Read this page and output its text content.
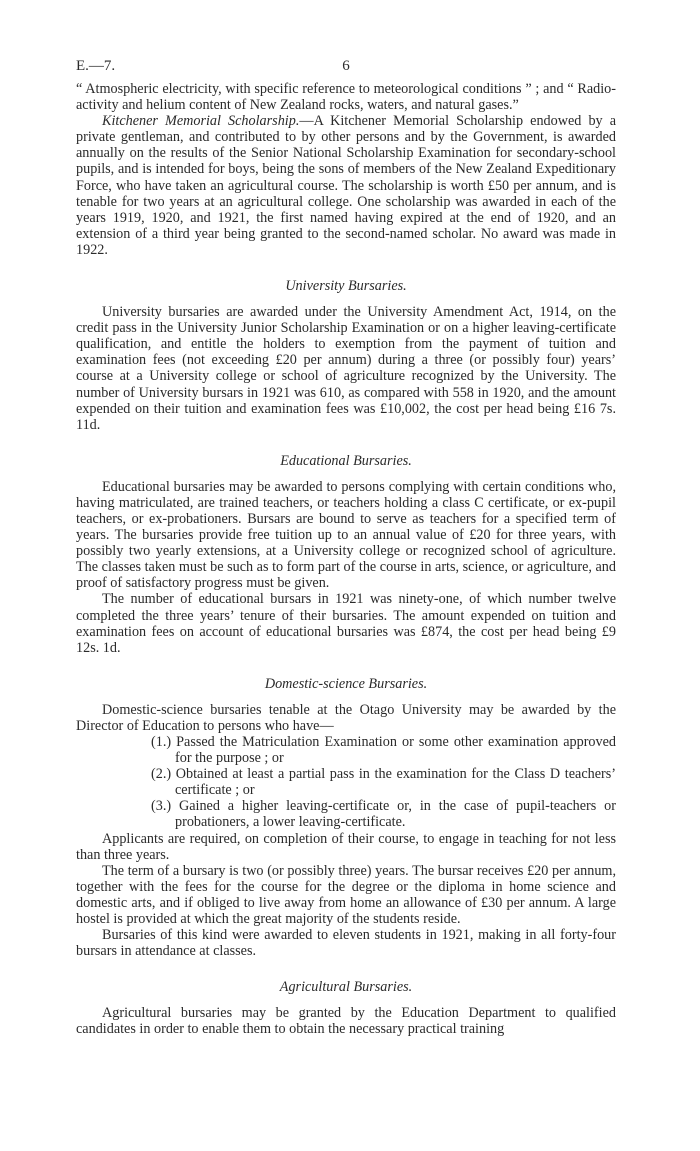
E.—7.	6

“ Atmospheric electricity, with specific reference to meteorological conditions ” ; and “ Radio-activity and helium content of New Zealand rocks, waters, and natural gases.”

Kitchener Memorial Scholarship.—A Kitchener Memorial Scholarship endowed by a private gentleman, and contributed to by other persons and by the Government, is awarded annually on the results of the Senior National Scholarship Examination for secondary-school pupils, and is intended for boys, being the sons of members of the New Zealand Expeditionary Force, who have taken an agricultural course. The scholarship is worth £50 per annum, and is tenable for two years at an agricultural college. One scholarship was awarded in each of the years 1919, 1920, and 1921, the first named having expired at the end of 1920, and an extension of a third year being granted to the second-named scholar. No award was made in 1922.

University Bursaries.

University bursaries are awarded under the University Amendment Act, 1914, on the credit pass in the University Junior Scholarship Examination or on a higher leaving-certificate qualification, and entitle the holders to exemption from the payment of tuition and examination fees (not exceeding £20 per annum) during a three (or possibly four) years’ course at a University college or school of agriculture recognized by the University. The number of University bursars in 1921 was 610, as compared with 558 in 1920, and the amount expended on their tuition and examination fees was £10,002, the cost per head being £16 7s. 11d.

Educational Bursaries.

Educational bursaries may be awarded to persons complying with certain conditions who, having matriculated, are trained teachers, or teachers holding a class C certificate, or ex-pupil teachers, or ex-probationers. Bursars are bound to serve as teachers for a specified term of years. The bursaries provide free tuition up to an annual value of £20 for three years, with possibly two yearly extensions, at a University college or recognized school of agriculture. The classes taken must be such as to form part of the course in arts, science, or agriculture, and proof of satisfactory progress must be given.

The number of educational bursars in 1921 was ninety-one, of which number twelve completed the three years’ tenure of their bursaries. The amount expended on tuition and examination fees on account of educational bursaries was £874, the cost per head being £9 12s. 1d.

Domestic-science Bursaries.

Domestic-science bursaries tenable at the Otago University may be awarded by the Director of Education to persons who have—

(1.) Passed the Matriculation Examination or some other examination approved for the purpose ; or

(2.) Obtained at least a partial pass in the examination for the Class D teachers’ certificate ; or

(3.) Gained a higher leaving-certificate or, in the case of pupil-teachers or probationers, a lower leaving-certificate.

Applicants are required, on completion of their course, to engage in teaching for not less than three years.

The term of a bursary is two (or possibly three) years. The bursar receives £20 per annum, together with the fees for the course for the degree or the diploma in home science and domestic arts, and if obliged to live away from home an allowance of £30 per annum. A large hostel is provided at which the great majority of the students reside.

Bursaries of this kind were awarded to eleven students in 1921, making in all forty-four bursars in attendance at classes.

Agricultural Bursaries.

Agricultural bursaries may be granted by the Education Department to qualified candidates in order to enable them to obtain the necessary practical training
